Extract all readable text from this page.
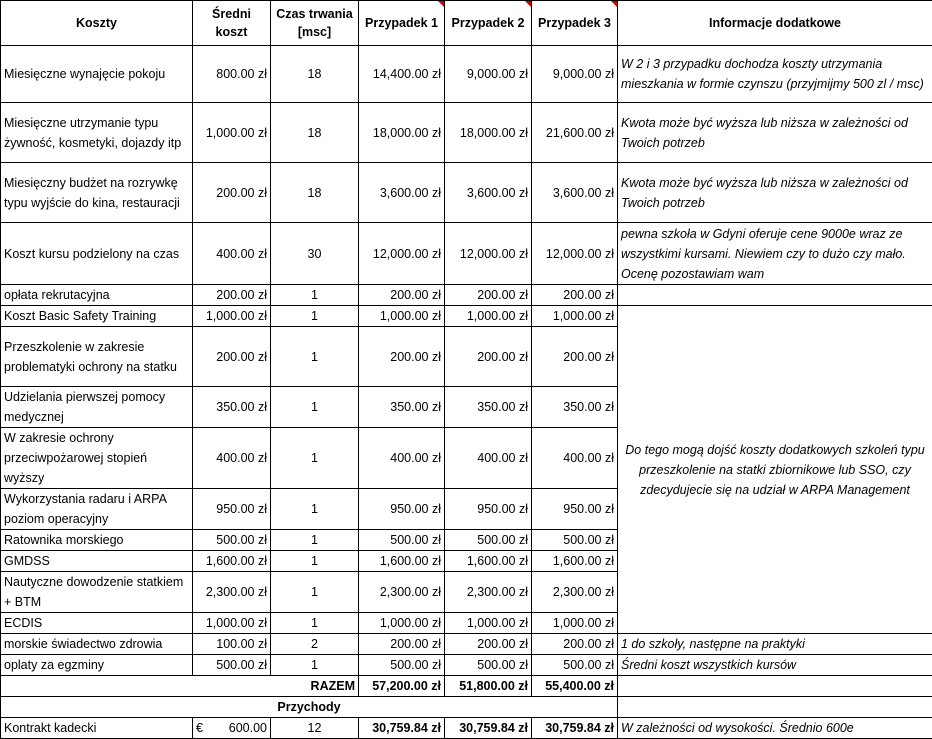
Koszty	Średni koszt	Czas trwania [msc]	Przypadek 1	Przypadek 2	Przypadek 3	Informacje dodatkowe
Miesięczne wynajęcie pokoju	800.00 zł	18	14,400.00 zł	9,000.00 zł	9,000.00 zł	W 2 i 3 przypadku dochodza koszty utrzymania mieszkania w formie czynszu (przyjmijmy 500 zl / msc)
Miesięczne utrzymanie typu żywność, kosmetyki, dojazdy itp	1,000.00 zł	18	18,000.00 zł	18,000.00 zł	21,600.00 zł	Kwota może być wyższa lub niższa w zależności od Twoich potrzeb
Miesięczny budżet na rozrywkę typu wyjście do kina, restauracji	200.00 zł	18	3,600.00 zł	3,600.00 zł	3,600.00 zł	Kwota może być wyższa lub niższa w zależności od Twoich potrzeb
Koszt kursu podzielony na czas	400.00 zł	30	12,000.00 zł	12,000.00 zł	12,000.00 zł	pewna szkoła w Gdyni oferuje cene 9000e wraz ze wszystkimi kursami. Niewiem czy to dużo czy mało. Ocenę pozostawiam wam
opłata rekrutacyjna	200.00 zł	1	200.00 zł	200.00 zł	200.00 zł	
Koszt Basic Safety Training	1,000.00 zł	1	1,000.00 zł	1,000.00 zł	1,000.00 zł	Do tego mogą dojść koszty dodatkowych szkoleń typu przeszkolenie na statki zbiornikowe lub SSO, czy zdecydujecie się na udział w ARPA Management
Przeszkolenie w zakresie problematyki ochrony na statku	200.00 zł	1	200.00 zł	200.00 zł	200.00 zł	
Udzielania pierwszej pomocy medycznej	350.00 zł	1	350.00 zł	350.00 zł	350.00 zł	
W zakresie ochrony przeciwpożarowej stopień wyższy	400.00 zł	1	400.00 zł	400.00 zł	400.00 zł	
Wykorzystania radaru i ARPA poziom operacyjny	950.00 zł	1	950.00 zł	950.00 zł	950.00 zł	
Ratownika morskiego	500.00 zł	1	500.00 zł	500.00 zł	500.00 zł	
GMDSS	1,600.00 zł	1	1,600.00 zł	1,600.00 zł	1,600.00 zł	
Nautyczne dowodzenie statkiem + BTM	2,300.00 zł	1	2,300.00 zł	2,300.00 zł	2,300.00 zł	
ECDIS	1,000.00 zł	1	1,000.00 zł	1,000.00 zł	1,000.00 zł	
morskie świadectwo zdrowia	100.00 zł	2	200.00 zł	200.00 zł	200.00 zł	1 do szkoły, następne na praktyki
oplaty za egzminy	500.00 zł	1	500.00 zł	500.00 zł	500.00 zł	Średni koszt wszystkich kursów
RAZEM			57,200.00 zł	51,800.00 zł	55,400.00 zł	
Przychody						
Kontrakt kadecki	€ 600.00	12	30,759.84 zł	30,759.84 zł	30,759.84 zł	W zależności od wysokości. Średnio 600e
